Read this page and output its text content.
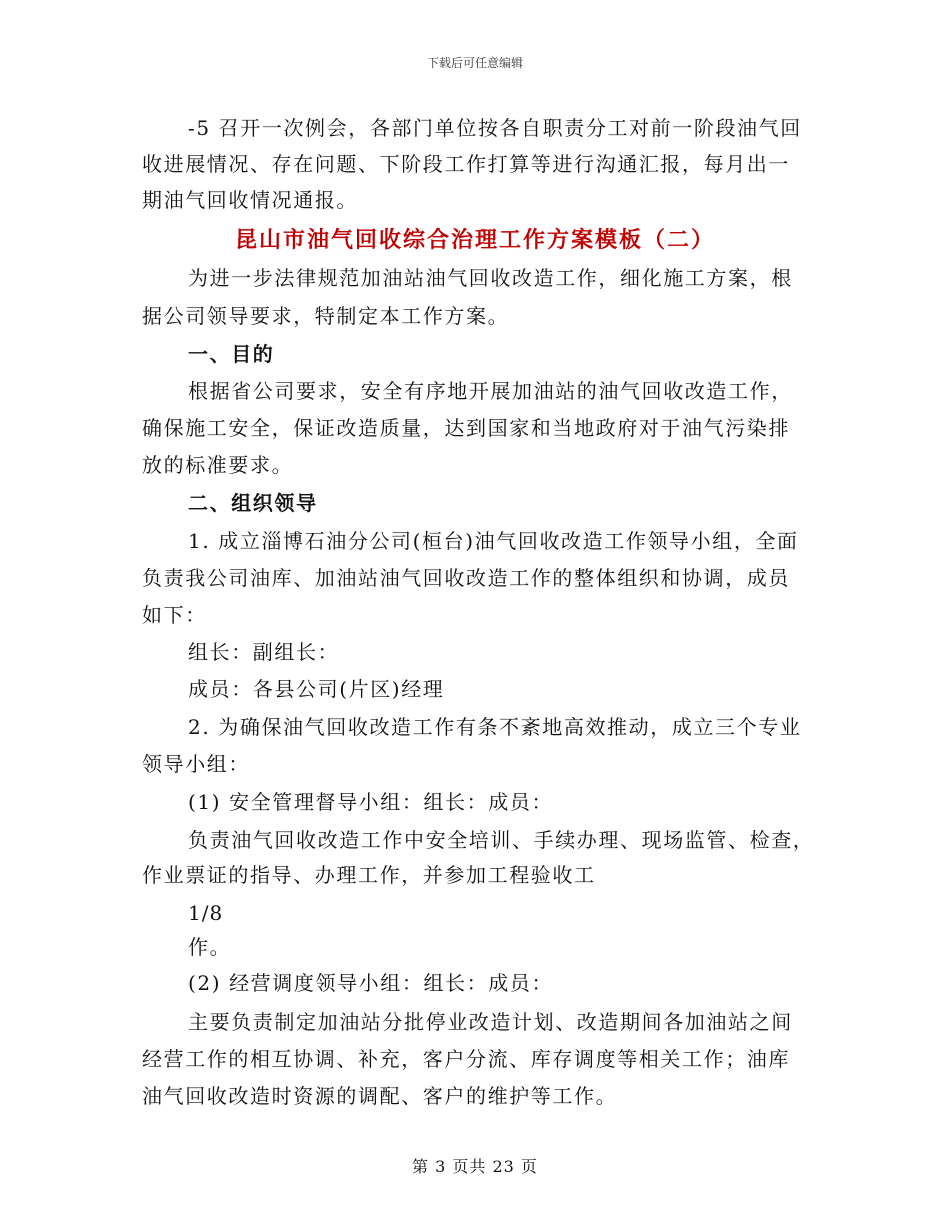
下载后可任意编辑
-5 召开一次例会，各部门单位按各自职责分工对前一阶段油气回
收进展情况、存在问题、下阶段工作打算等进行沟通汇报，每月出一
期油气回收情况通报。
昆山市油气回收综合治理工作方案模板（二）
为进一步法律规范加油站油气回收改造工作，细化施工方案，根
据公司领导要求，特制定本工作方案。
一、目的
根据省公司要求，安全有序地开展加油站的油气回收改造工作，
确保施工安全，保证改造质量，达到国家和当地政府对于油气污染排
放的标准要求。
二、组织领导
1. 成立淄博石油分公司(桓台)油气回收改造工作领导小组，全面
负责我公司油库、加油站油气回收改造工作的整体组织和协调，成员
如下：
组长：副组长：
成员：各县公司(片区)经理
2. 为确保油气回收改造工作有条不紊地高效推动，成立三个专业
领导小组：
(1) 安全管理督导小组：组长：成员：
负责油气回收改造工作中安全培训、手续办理、现场监管、检查，
作业票证的指导、办理工作，并参加工程验收工
1/8
作。
(2) 经营调度领导小组：组长：成员：
主要负责制定加油站分批停业改造计划、改造期间各加油站之间
经营工作的相互协调、补充，客户分流、库存调度等相关工作；油库
油气回收改造时资源的调配、客户的维护等工作。
第 3 页共 23 页
